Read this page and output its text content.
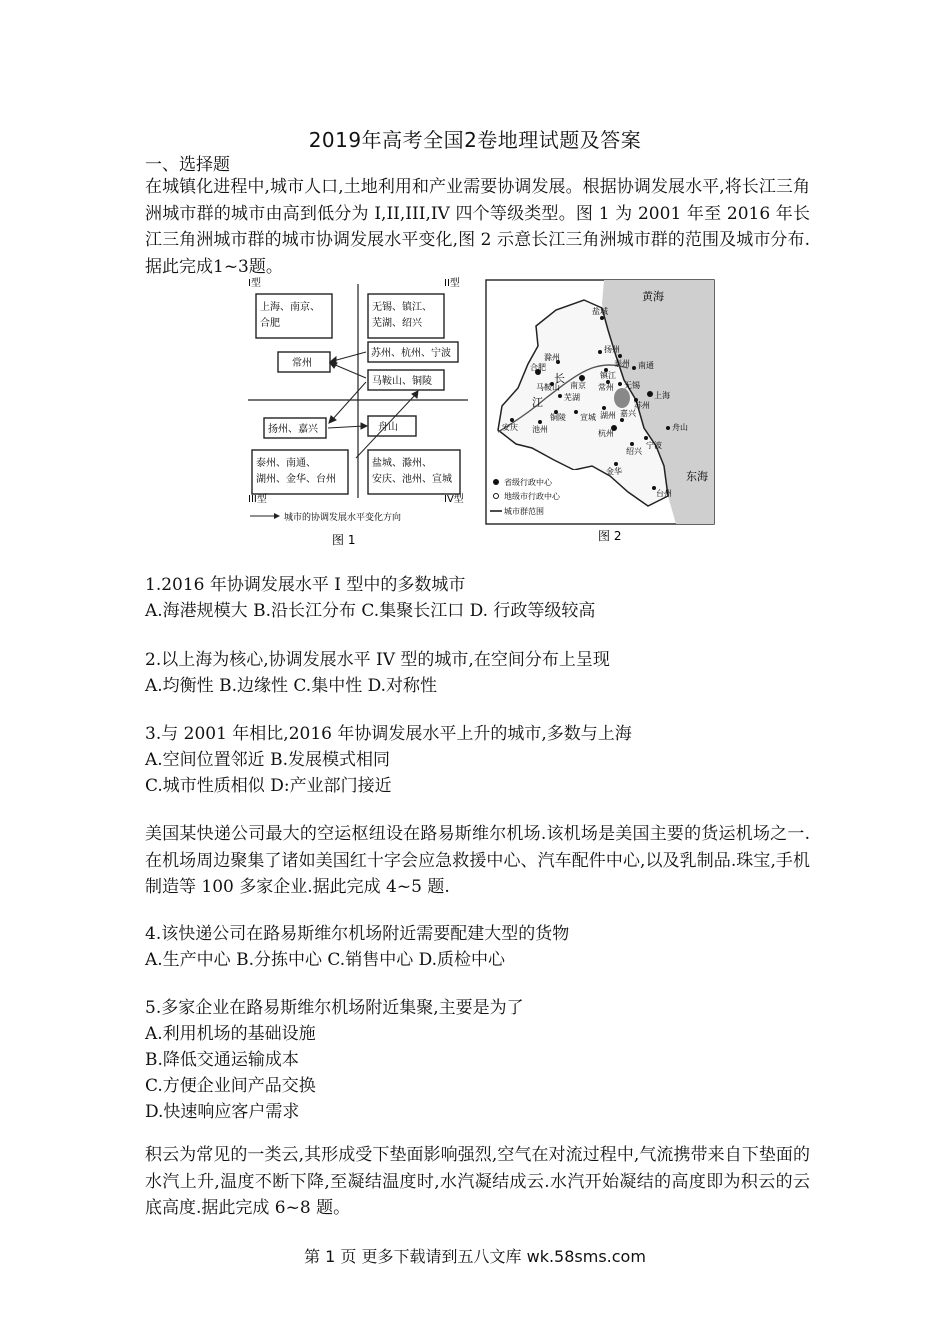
2019年高考全国2卷地理试题及答案
一、选择题
在城镇化进程中,城市人口,土地利用和产业需要协调发展。根据协调发展水平,将长江三角洲城市群的城市由高到低分为 I,II,III,IV 四个等级类型。图 1 为 2001 年至 2016 年长江三角洲城市群的城市协调发展水平变化,图 2 示意长江三角洲城市群的范围及城市分布.据此完成1~3题。
I型	II型
III型	IV型
上海、南京、
合肥
无锡、镇江、
芜湖、绍兴
常州
苏州、杭州、宁波
马鞍山、铜陵
扬州、嘉兴	舟山
泰州、南通、
湖州、金华、台州
盐城、滁州、
安庆、池州、宣城
城市的协调发展水平变化方向
图 1
长
江
黄海
东海
盐城
扬州
泰州 南通
滁州
镇江
合肥
南京 常州 无锡
马鞍山
苏州
上海
芜湖
铜陵 宣城 湖州
安庆 池州
嘉兴
杭州
舟山
宁波
绍兴
金华
台州
省级行政中心
地级市行政中心
城市群范围
图 2
1.2016 年协调发展水平 I 型中的多数城市
A.海港规模大 B.沿长江分布 C.集聚长江口 D. 行政等级较高
2.以上海为核心,协调发展水平 IV 型的城市,在空间分布上呈现
A.均衡性 B.边缘性 C.集中性 D.对称性
3.与 2001 年相比,2016 年协调发展水平上升的城市,多数与上海
A.空间位置邻近 B.发展模式相同
C.城市性质相似 D:产业部门接近
美国某快递公司最大的空运枢纽设在路易斯维尔机场.该机场是美国主要的货运机场之一.在机场周边聚集了诸如美国红十字会应急救援中心、汽车配件中心,以及乳制品.珠宝,手机制造等 100 多家企业.据此完成 4~5 题.
4.该快递公司在路易斯维尔机场附近需要配建大型的货物
A.生产中心 B.分拣中心 C.销售中心 D.质检中心
5.多家企业在路易斯维尔机场附近集聚,主要是为了
A.利用机场的基础设施
B.降低交通运输成本
C.方便企业间产品交换
D.快速响应客户需求
积云为常见的一类云,其形成受下垫面影响强烈,空气在对流过程中,气流携带来自下垫面的水汽上升,温度不断下降,至凝结温度时,水汽凝结成云.水汽开始凝结的高度即为积云的云底高度.据此完成 6~8 题。
第 1 页 更多下载请到五八文库 wk.58sms.com
